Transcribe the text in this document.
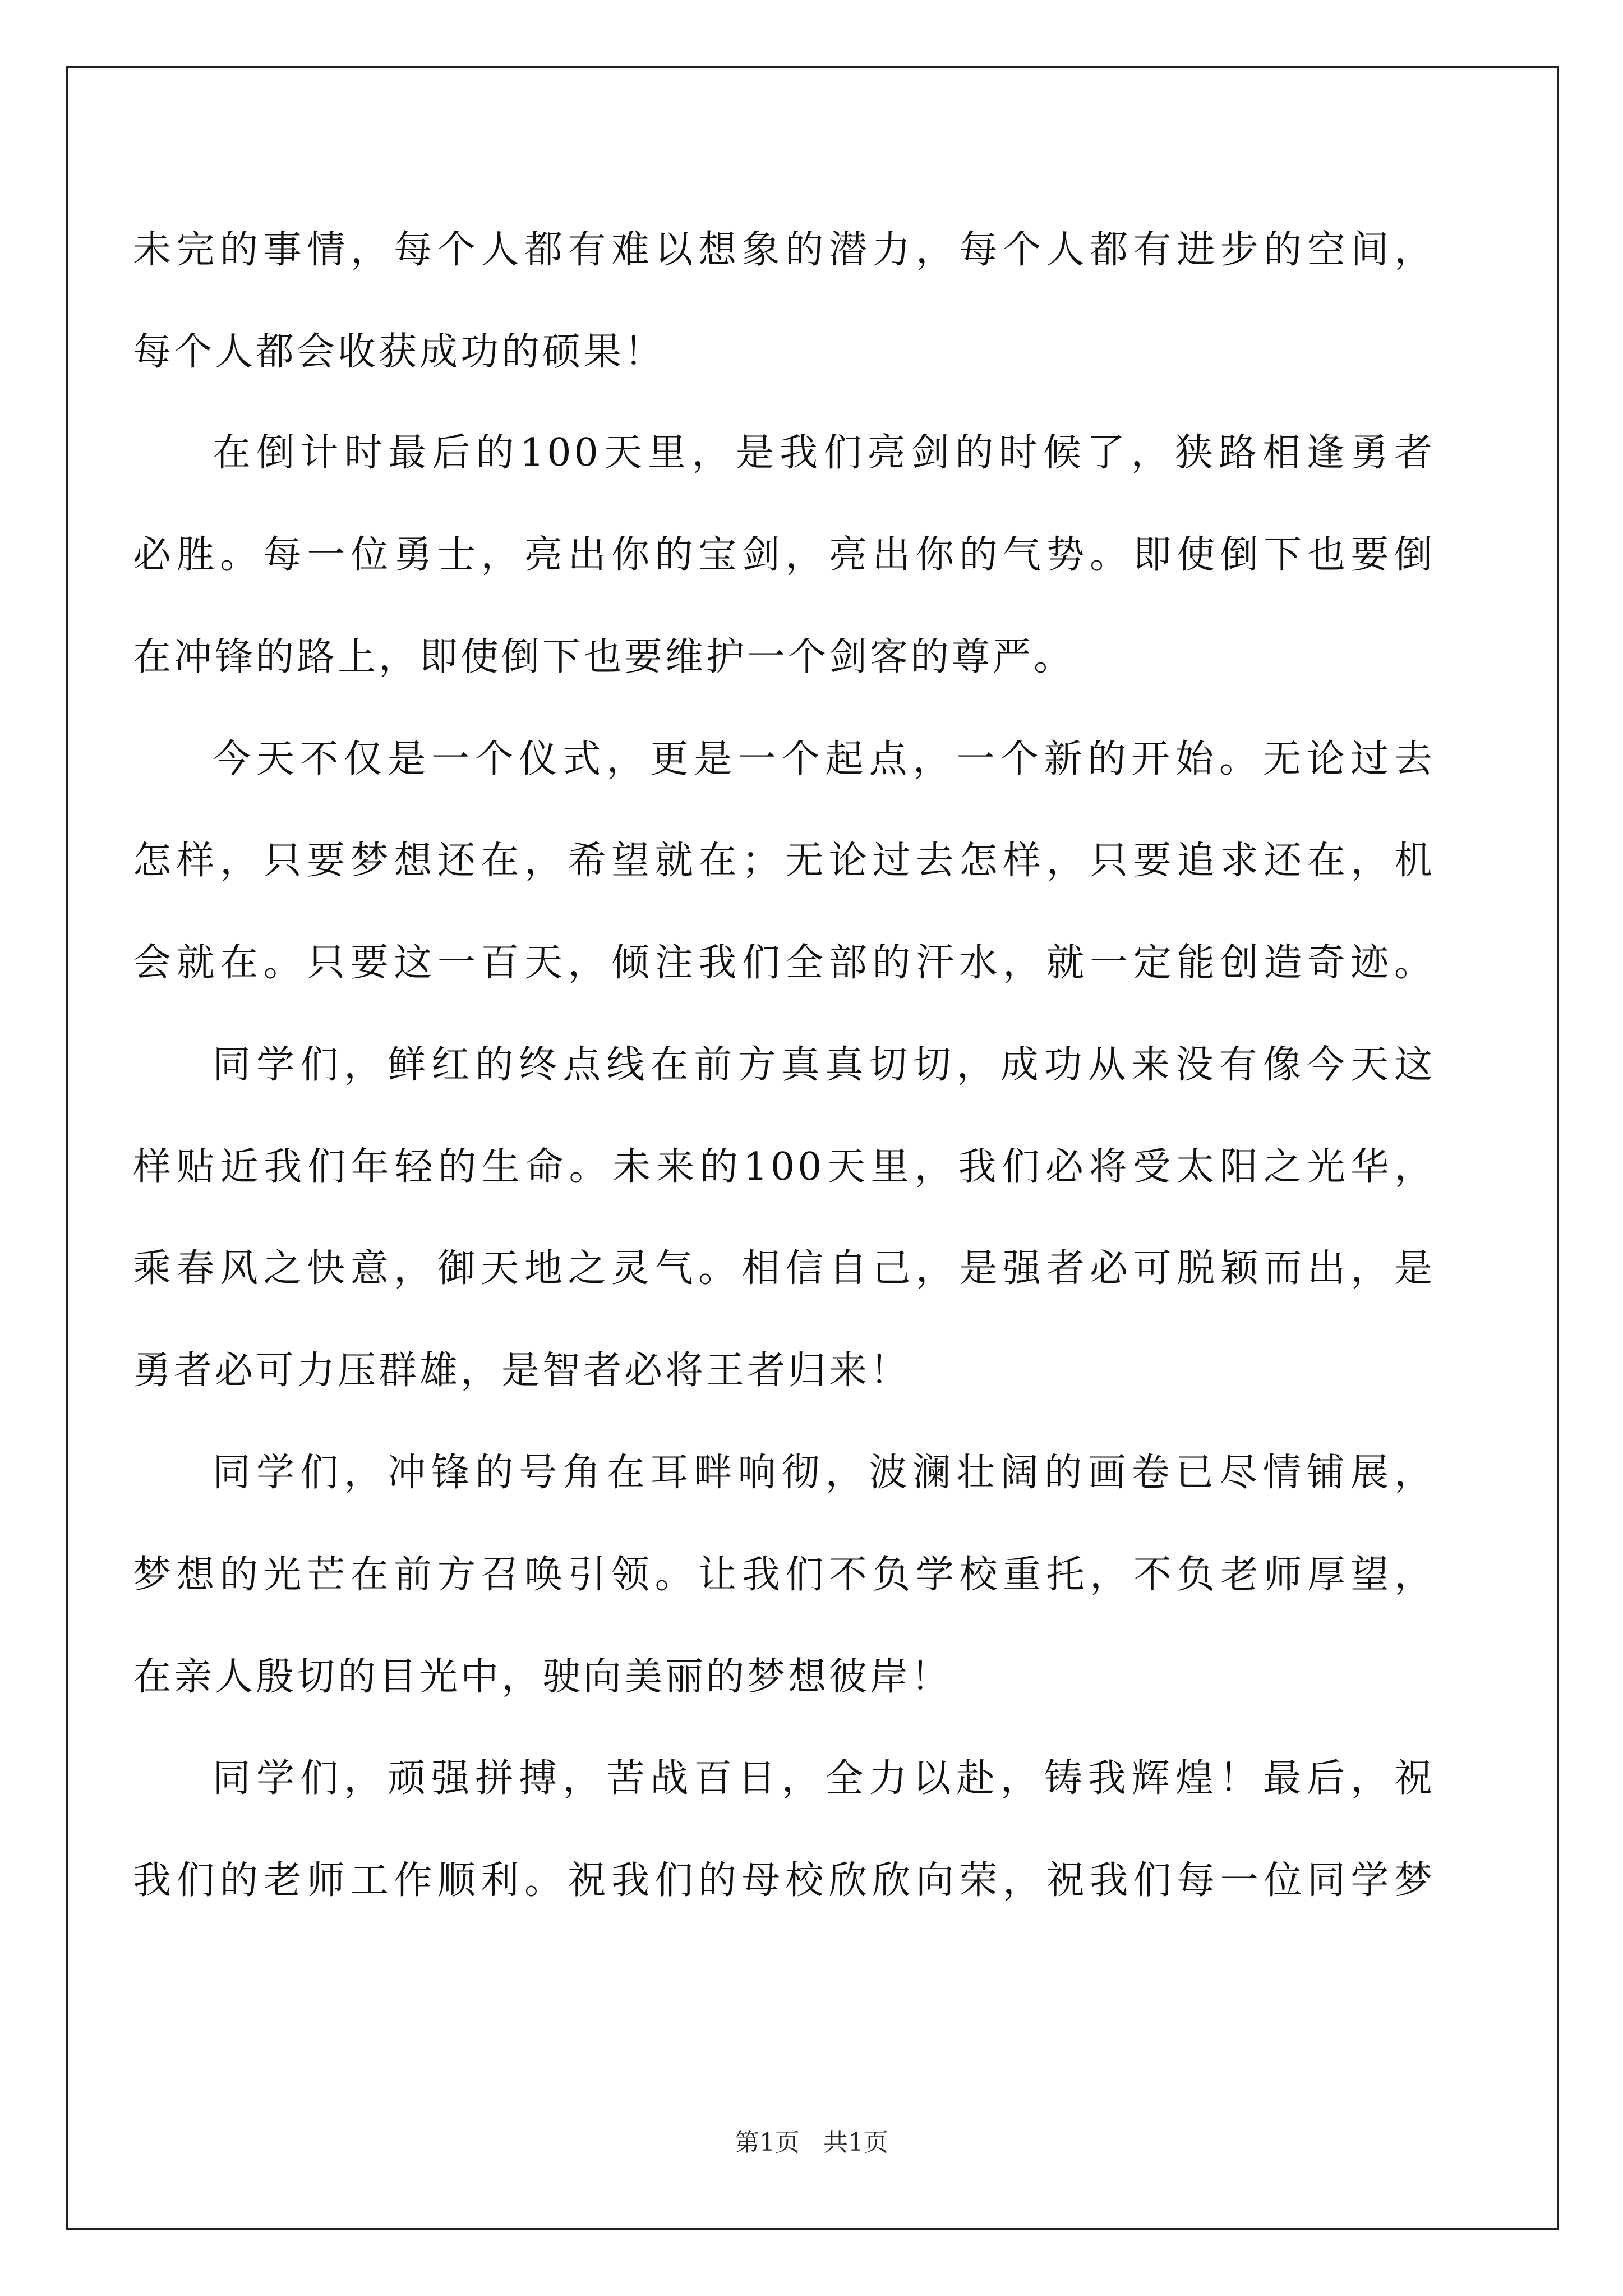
未完的事情，每个人都有难以想象的潜力，每个人都有进步的空间，
每个人都会收获成功的硕果！
在倒计时最后的100天里，是我们亮剑的时候了，狭路相逢勇者
必胜。每一位勇士，亮出你的宝剑，亮出你的气势。即使倒下也要倒
在冲锋的路上，即使倒下也要维护一个剑客的尊严。
今天不仅是一个仪式，更是一个起点，一个新的开始。无论过去
怎样，只要梦想还在，希望就在；无论过去怎样，只要追求还在，机
会就在。只要这一百天，倾注我们全部的汗水，就一定能创造奇迹。
同学们，鲜红的终点线在前方真真切切，成功从来没有像今天这
样贴近我们年轻的生命。未来的100天里，我们必将受太阳之光华，
乘春风之快意，御天地之灵气。相信自己，是强者必可脱颖而出，是
勇者必可力压群雄，是智者必将王者归来！
同学们，冲锋的号角在耳畔响彻，波澜壮阔的画卷已尽情铺展，
梦想的光芒在前方召唤引领。让我们不负学校重托，不负老师厚望，
在亲人殷切的目光中，驶向美丽的梦想彼岸！
同学们，顽强拼搏，苦战百日，全力以赴，铸我辉煌！最后，祝
我们的老师工作顺利。祝我们的母校欣欣向荣，祝我们每一位同学梦
第1页 共1页
